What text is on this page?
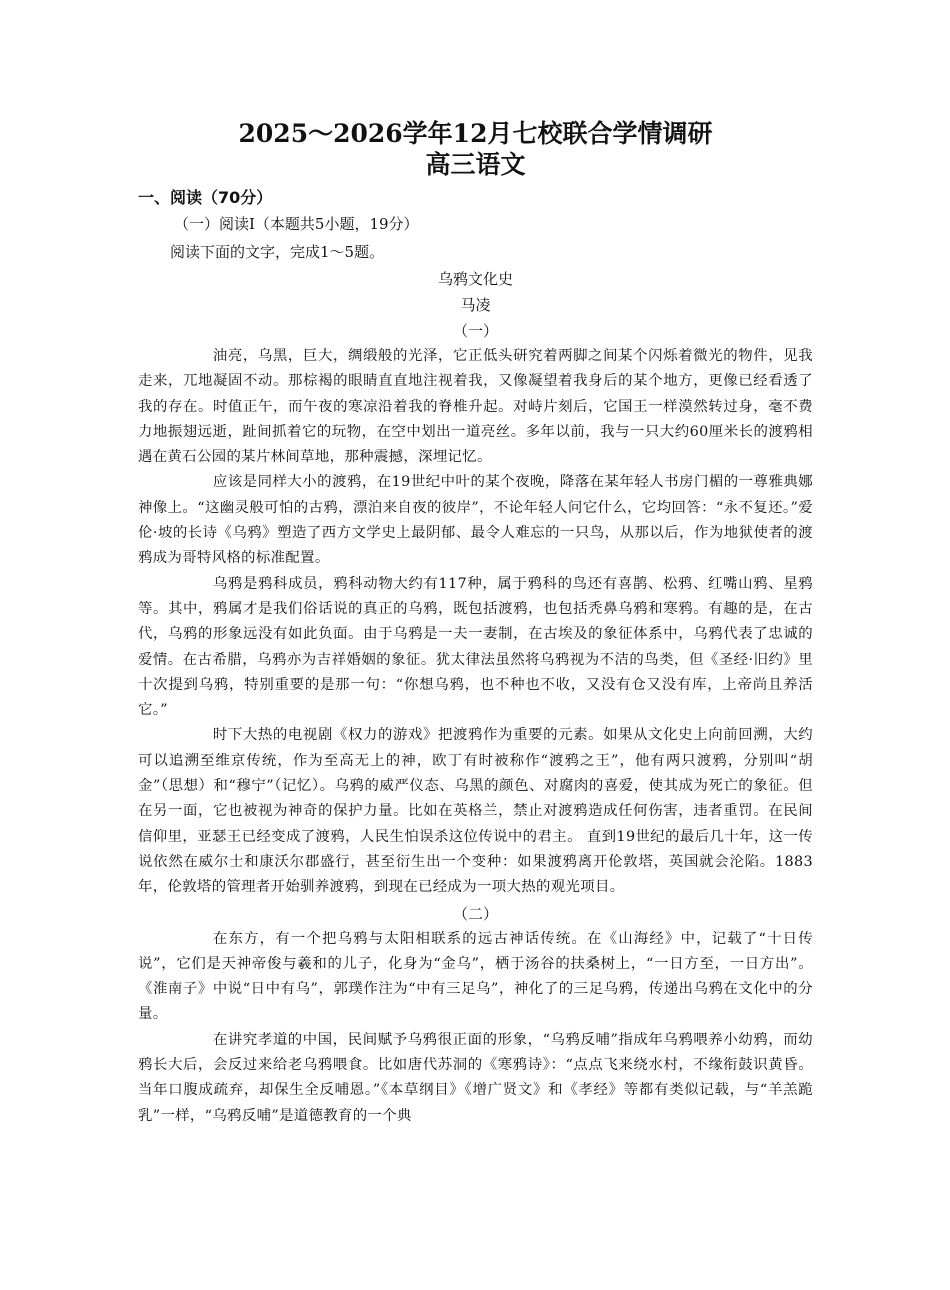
2025～2026学年12月七校联合学情调研
高三语文
一、阅读（70分）
（一）阅读Ⅰ（本题共5小题，19分）
阅读下面的文字，完成1～5题。
乌鸦文化史
马凌
（一）

油亮，乌黑，巨大，绸缎般的光泽，它正低头研究着两脚之间某个闪烁着微光的物件，见我走来，兀地凝固不动。那棕褐的眼睛直直地注视着我，又像凝望着我身后的某个地方，更像已经看透了我的存在。时值正午，而午夜的寒凉沿着我的脊椎升起。对峙片刻后，它国王一样漠然转过身，毫不费力地振翅远逝，趾间抓着它的玩物，在空中划出一道亮丝。多年以前，我与一只大约60厘米长的渡鸦相遇在黄石公园的某片林间草地，那种震撼，深埋记忆。

应该是同样大小的渡鸦，在19世纪中叶的某个夜晚，降落在某年轻人书房门楣的一尊雅典娜神像上。“这幽灵般可怕的古鸦，漂泊来自夜的彼岸”，不论年轻人问它什么，它均回答：“永不复还。”爱伦·坡的长诗《乌鸦》塑造了西方文学史上最阴郁、最令人难忘的一只鸟，从那以后，作为地狱使者的渡鸦成为哥特风格的标准配置。

乌鸦是鸦科成员，鸦科动物大约有117种，属于鸦科的鸟还有喜鹊、松鸦、红嘴山鸦、星鸦等。其中，鸦属才是我们俗话说的真正的乌鸦，既包括渡鸦，也包括秃鼻乌鸦和寒鸦。有趣的是，在古代，乌鸦的形象远没有如此负面。由于乌鸦是一夫一妻制，在古埃及的象征体系中，乌鸦代表了忠诚的爱情。在古希腊，乌鸦亦为吉祥婚姻的象征。犹太律法虽然将乌鸦视为不洁的鸟类，但《圣经·旧约》里十次提到乌鸦，特别重要的是那一句：“你想乌鸦，也不种也不收，又没有仓又没有库，上帝尚且养活它。”

时下大热的电视剧《权力的游戏》把渡鸦作为重要的元素。如果从文化史上向前回溯，大约可以追溯至维京传统，作为至高无上的神，欧丁有时被称作“渡鸦之王”，他有两只渡鸦，分别叫“胡金”（思想）和“穆宁”（记忆）。乌鸦的威严仪态、乌黑的颜色、对腐肉的喜爱，使其成为死亡的象征。但在另一面，它也被视为神奇的保护力量。比如在英格兰，禁止对渡鸦造成任何伤害，违者重罚。在民间信仰里，亚瑟王已经变成了渡鸦，人民生怕误杀这位传说中的君主。 直到19世纪的最后几十年，这一传说依然在威尔士和康沃尔郡盛行，甚至衍生出一个变种：如果渡鸦离开伦敦塔，英国就会沦陷。1883年，伦敦塔的管理者开始驯养渡鸦，到现在已经成为一项大热的观光项目。

（二）

在东方，有一个把乌鸦与太阳相联系的远古神话传统。在《山海经》中，记载了“十日传说”，它们是天神帝俊与羲和的儿子，化身为“金乌”，栖于汤谷的扶桑树上，“一日方至，一日方出”。《淮南子》中说“日中有乌”，郭璞作注为“中有三足乌”，神化了的三足乌鸦，传递出乌鸦在文化中的分量。

在讲究孝道的中国，民间赋予乌鸦很正面的形象，“乌鸦反哺”指成年乌鸦喂养小幼鸦，而幼鸦长大后，会反过来给老乌鸦喂食。比如唐代苏洞的《寒鸦诗》：“点点飞来绕水村，不缘衔鼓识黄昏。当年口腹成疏弃，却保生全反哺恩。”《本草纲目》《增广贤文》和《孝经》等都有类似记载，与“羊羔跪乳”一样，“乌鸦反哺”是道德教育的一个典
